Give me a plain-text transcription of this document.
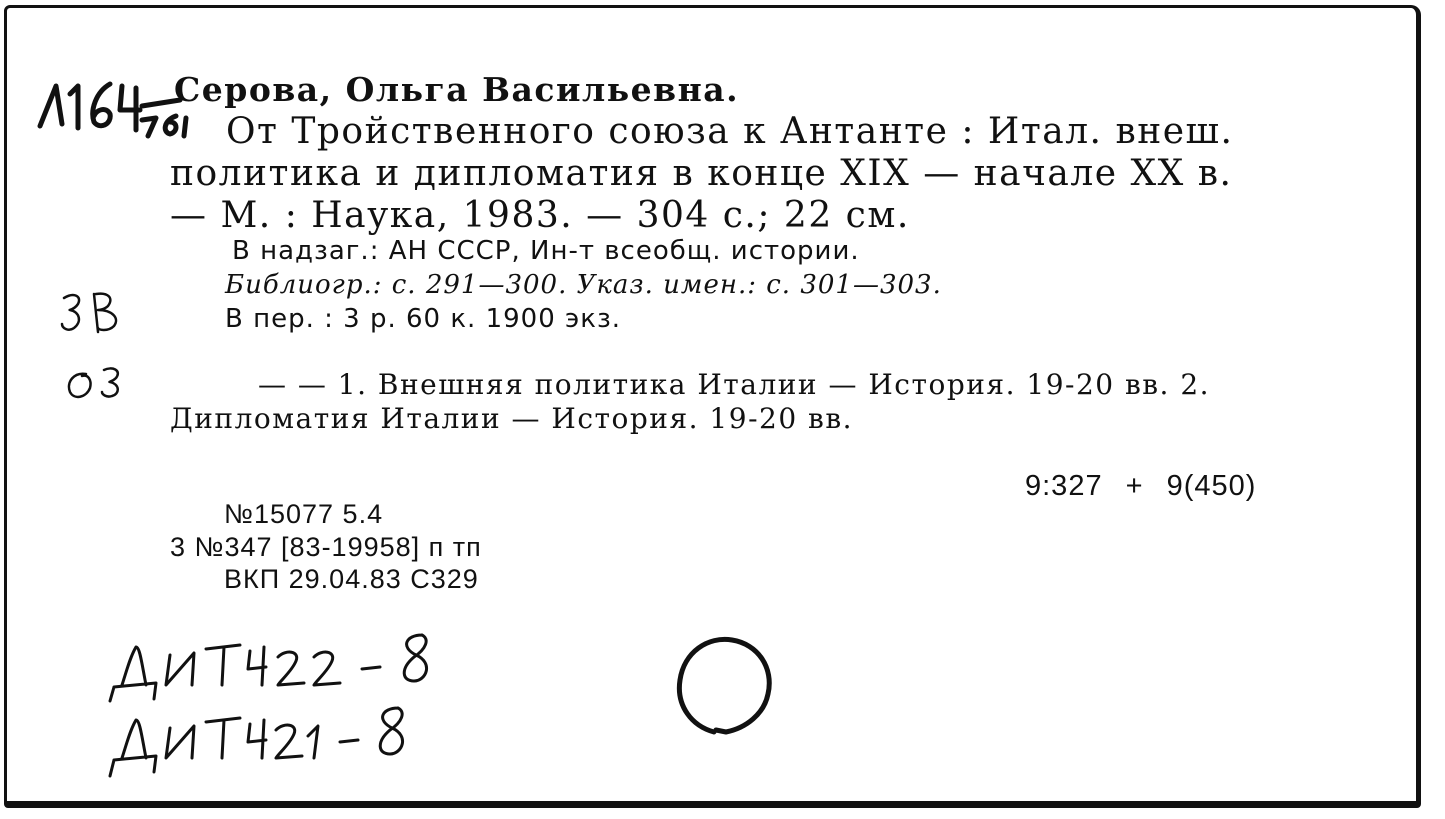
Серова, Ольга Васильевна.
От Тройственного союза к Антанте : Итал. внеш.
политика и дипломатия в конце XIX — начале XX в.
— М. : Наука, 1983. — 304 с.; 22 см.
В надзаг.: АН СССР, Ин-т всеобщ. истории.
Библиогр.: с. 291—300. Указ. имен.: с. 301—303.
В пер. : 3 р. 60 к. 1900 экз.
— — 1. Внешняя политика Италии — История. 19-20 вв. 2.
Дипломатия Италии — История. 19-20 вв.
9:327 + 9(450)
№15077 5.4
3 №347 [83-19958] п тп
ВКП 29.04.83 С329
